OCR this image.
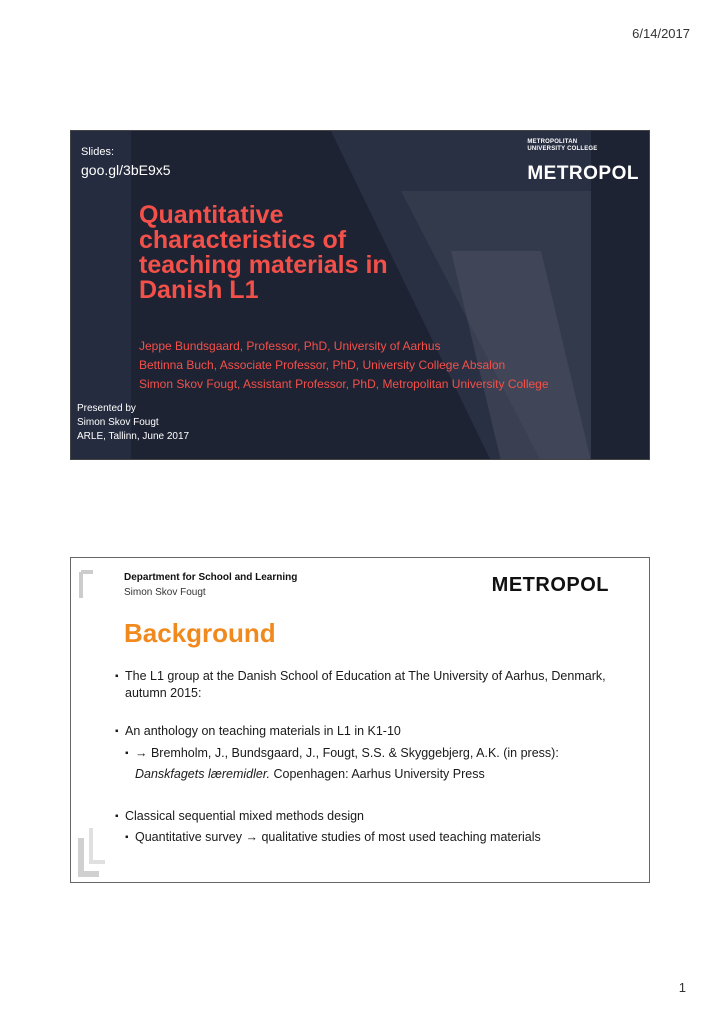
6/14/2017
Slides:
goo.gl/3bE9x5
METROPOLITAN
UNIVERSITY COLLEGE
METROPOL
Quantitative
characteristics of
teaching materials in
Danish L1
Jeppe Bundsgaard, Professor, PhD, University of Aarhus
Bettinna Buch, Associate Professor, PhD, University College Absalon
Simon Skov Fougt, Assistant Professor, PhD, Metropolitan University College
Presented by
Simon Skov Fougt
ARLE, Tallinn, June 2017
Department for School and Learning
Simon Skov Fougt	METROPOL
Background
▪ The L1 group at the Danish School of Education at The University of Aarhus, Denmark, autumn 2015:
▪ An anthology on teaching materials in L1 in K1-10
▪ → Bremholm, J., Bundsgaard, J., Fougt, S.S. & Skyggebjerg, A.K. (in press):
Danskfagets læremidler. Copenhagen: Aarhus University Press
▪ Classical sequential mixed methods design
▪ Quantitative survey → qualitative studies of most used teaching materials
1
